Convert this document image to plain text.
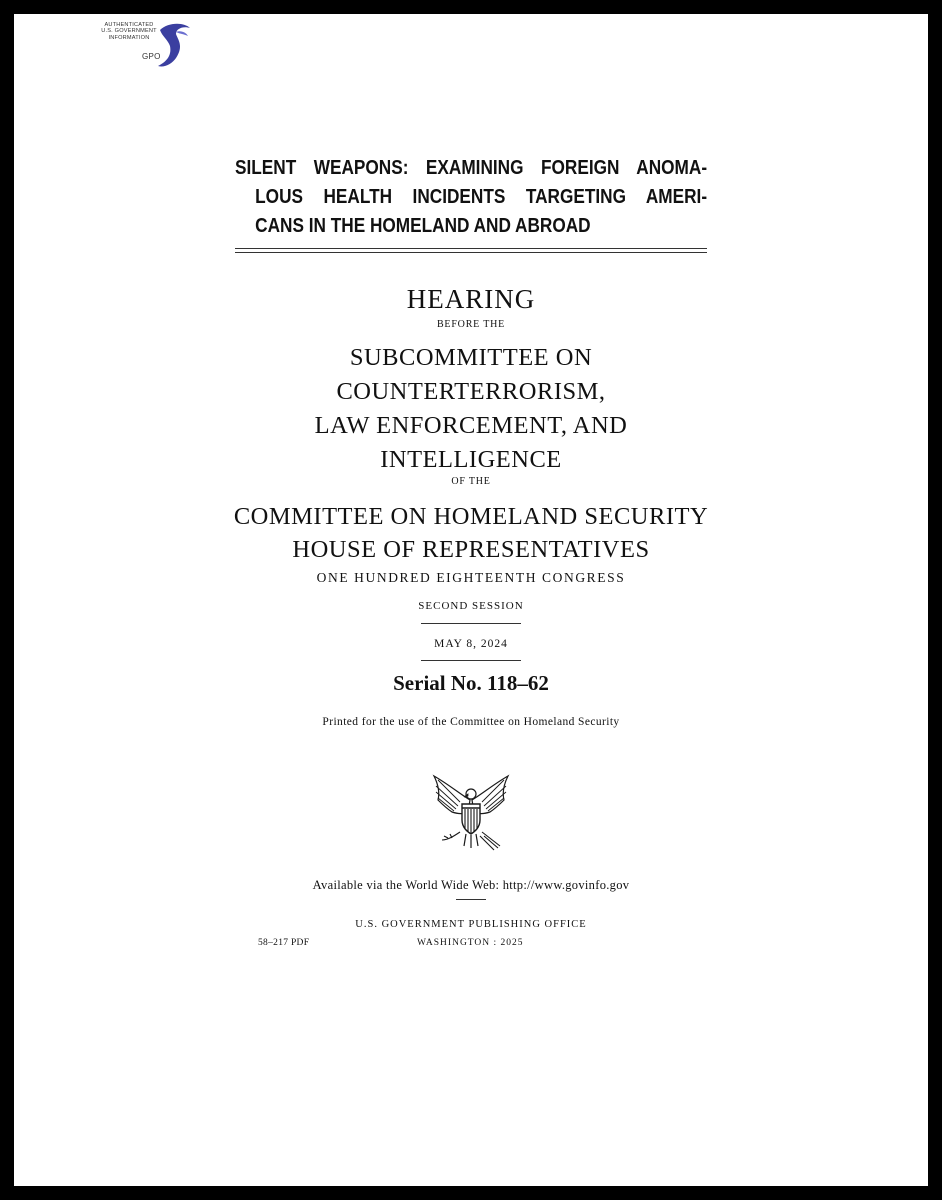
AUTHENTICATED
U.S. GOVERNMENT
INFORMATION
GPO
SILENT WEAPONS: EXAMINING FOREIGN ANOMA-
LOUS HEALTH INCIDENTS TARGETING AMERI-
CANS IN THE HOMELAND AND ABROAD
HEARING
BEFORE THE
SUBCOMMITTEE ON
COUNTERTERRORISM,
LAW ENFORCEMENT, AND
INTELLIGENCE
OF THE
COMMITTEE ON HOMELAND SECURITY
HOUSE OF REPRESENTATIVES
ONE HUNDRED EIGHTEENTH CONGRESS
SECOND SESSION
MAY 8, 2024
Serial No. 118–62
Printed for the use of the Committee on Homeland Security
Available via the World Wide Web: http://www.govinfo.gov
U.S. GOVERNMENT PUBLISHING OFFICE
58–217 PDF	WASHINGTON : 2025
